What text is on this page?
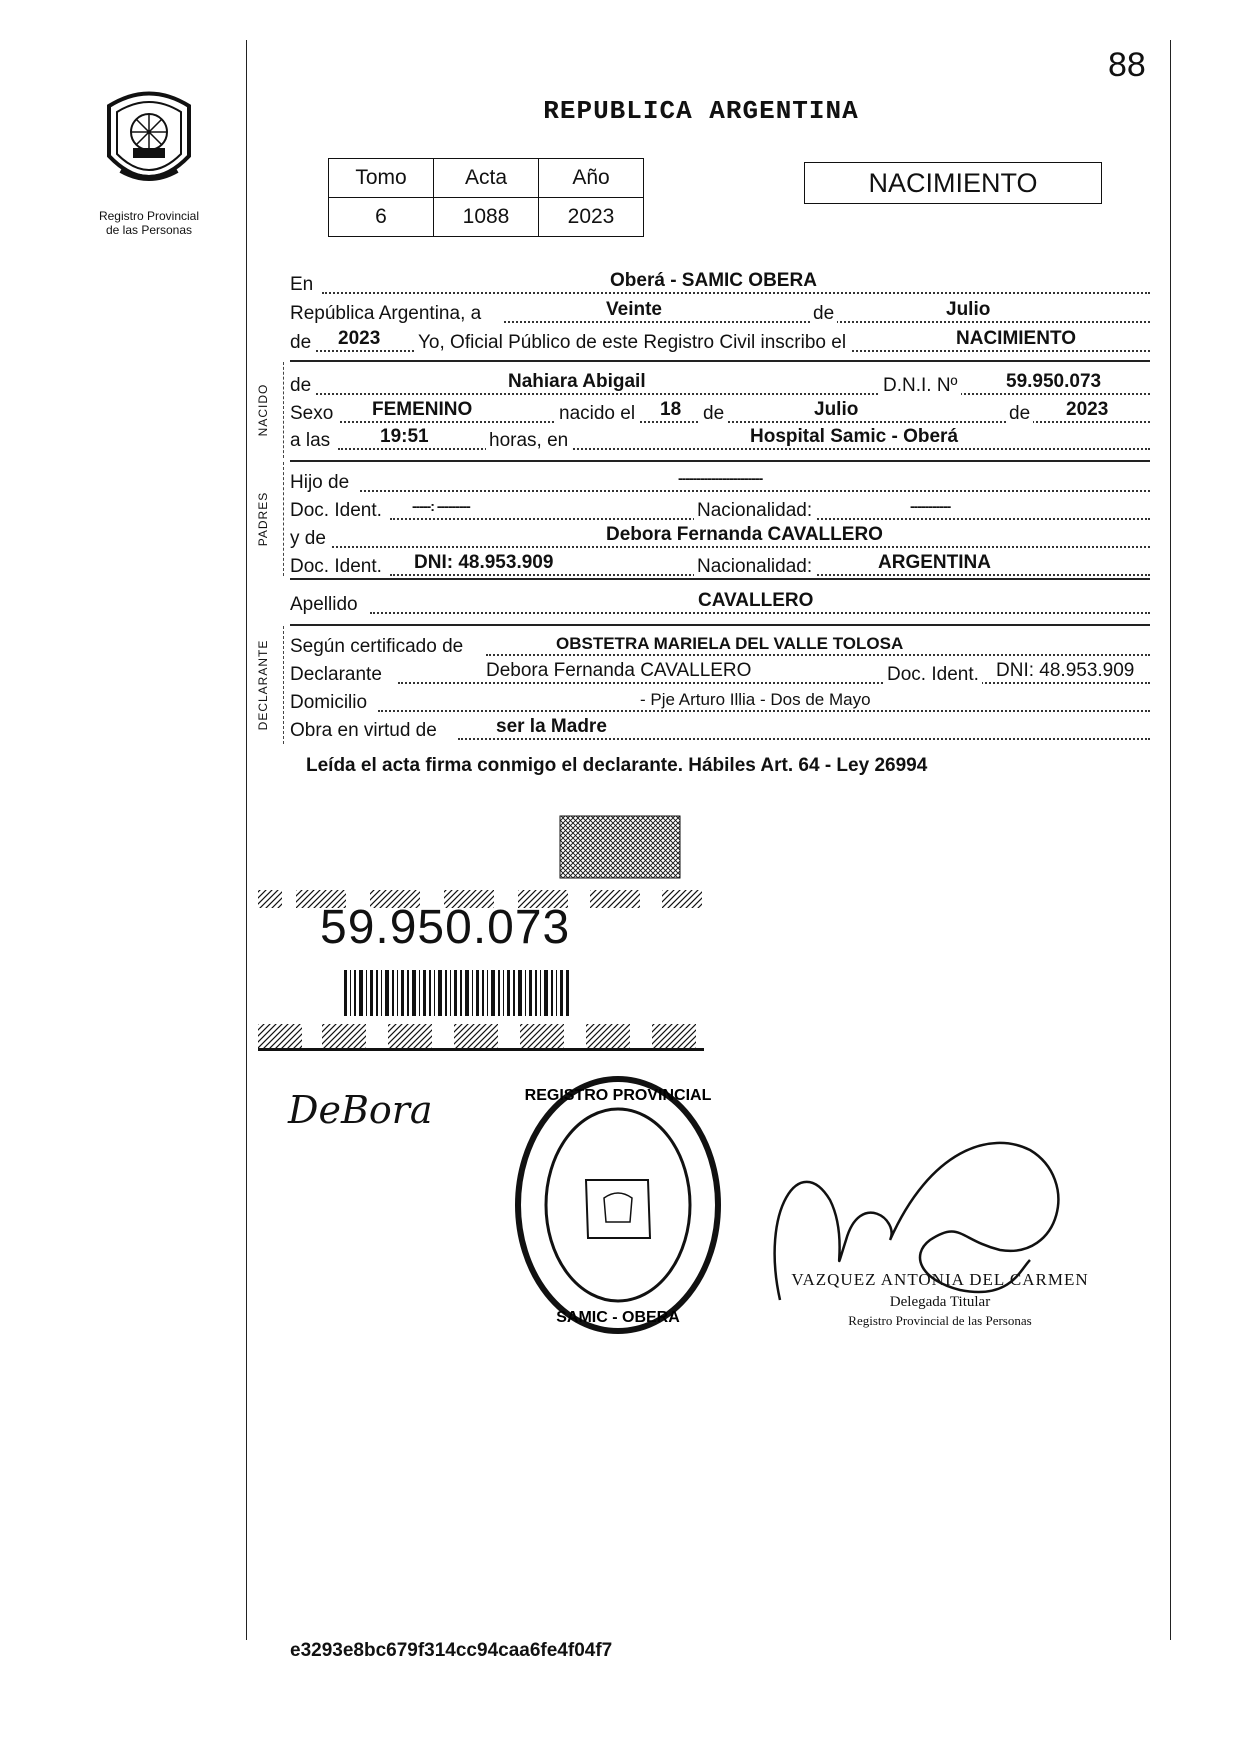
88
Registro Provincial
de las Personas
REPUBLICA ARGENTINA
Tomo	Acta	Año
6	1088	2023
NACIMIENTO
En	Oberá - SAMIC OBERA
República Argentina, a	Veinte	de	Julio
de 2023 Yo, Oficial Público de este Registro Civil inscribo el	NACIMIENTO
NACIDO de	Nahiara Abigail	D.N.I. Nº	59.950.073
Sexo FEMENINO	nacido el 18 de	Julio	de 2023
a las	19:51	horas, en	Hospital Samic - Oberá
PADRES
Hijo de	-----------------------
Doc. Ident. -----: ---------	Nacionalidad:	-----------
y de	Debora Fernanda CAVALLERO
Doc. Ident. DNI: 48.953.909	Nacionalidad:	ARGENTINA
Apellido	CAVALLERO
DECLARANTE Según certificado de	OBSTETRA MARIELA DEL VALLE TOLOSA
Declarante	Debora Fernanda CAVALLERO	Doc. Ident. DNI: 48.953.909
Domicilio	- Pje Arturo Illia - Dos de Mayo
Obra en virtud de	ser la Madre
Leída el acta firma conmigo el declarante. Hábiles Art. 64 - Ley 26994
59.950.073
DeBora	REGISTRO PROVINCIAL
SAMIC - OBERA
VAZQUEZ ANTONIA DEL CARMEN
Delegada Titular
Registro Provincial de las Personas
e3293e8bc679f314cc94caa6fe4f04f7
